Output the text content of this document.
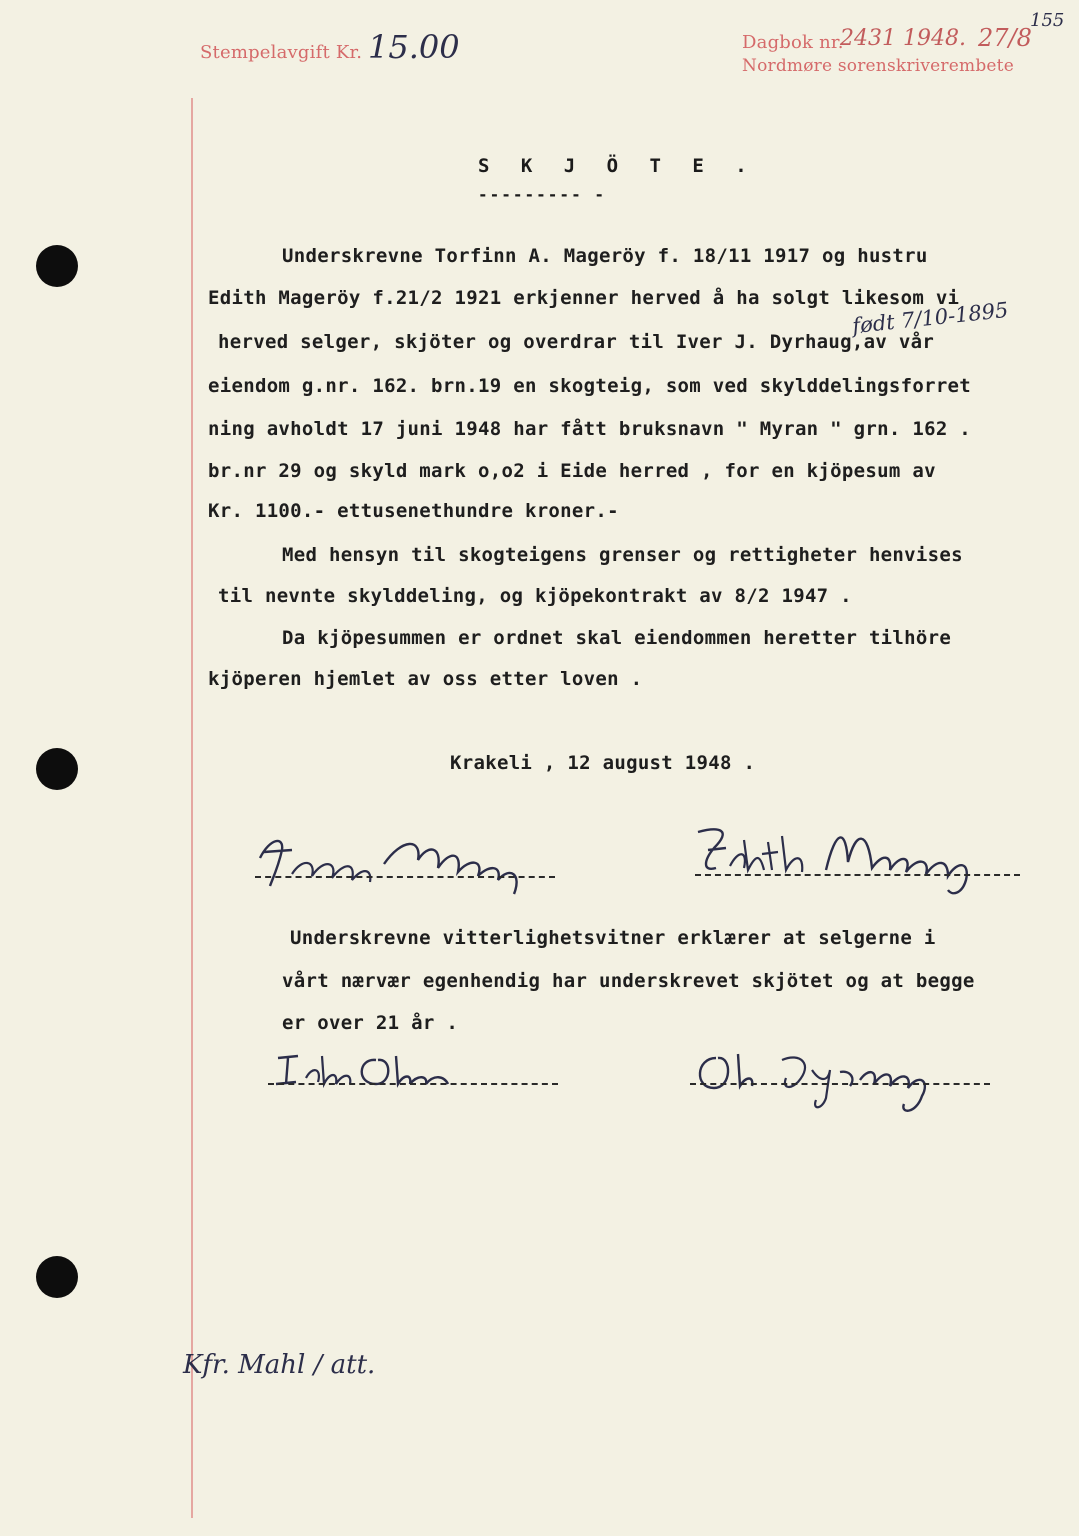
Stempelavgift Kr. 15.00	Dagbok nr.
2431 1948. 27/8
155
Nordmøre sorenskriverembete
S K J Ö T E .
--------- -
Underskrevne Torfinn A. Mageröy f. 18/11 1917 og hustru
Edith Mageröy f.21/2 1921 erkjenner herved å ha solgt likesom vi
født 7/10-1895
herved selger, skjöter og overdrar til Iver J. Dyrhaug,av vår
eiendom g.nr. 162. brn.19 en skogteig, som ved skylddelingsforret
ning avholdt 17 juni 1948 har fått bruksnavn " Myran " grn. 162 .
br.nr 29 og skyld mark o,o2 i Eide herred , for en kjöpesum av
Kr. 1100.- ettusenethundre kroner.-
Med hensyn til skogteigens grenser og rettigheter henvises
til nevnte skylddeling, og kjöpekontrakt av 8/2 1947 .
Da kjöpesummen er ordnet skal eiendommen heretter tilhöre
kjöperen hjemlet av oss etter loven .
Krakeli , 12 august 1948 .
Underskrevne vitterlighetsvitner erklærer at selgerne i
vårt nærvær egenhendig har underskrevet skjötet og at begge
er over 21 år .
Kfr. Mahl / att.
